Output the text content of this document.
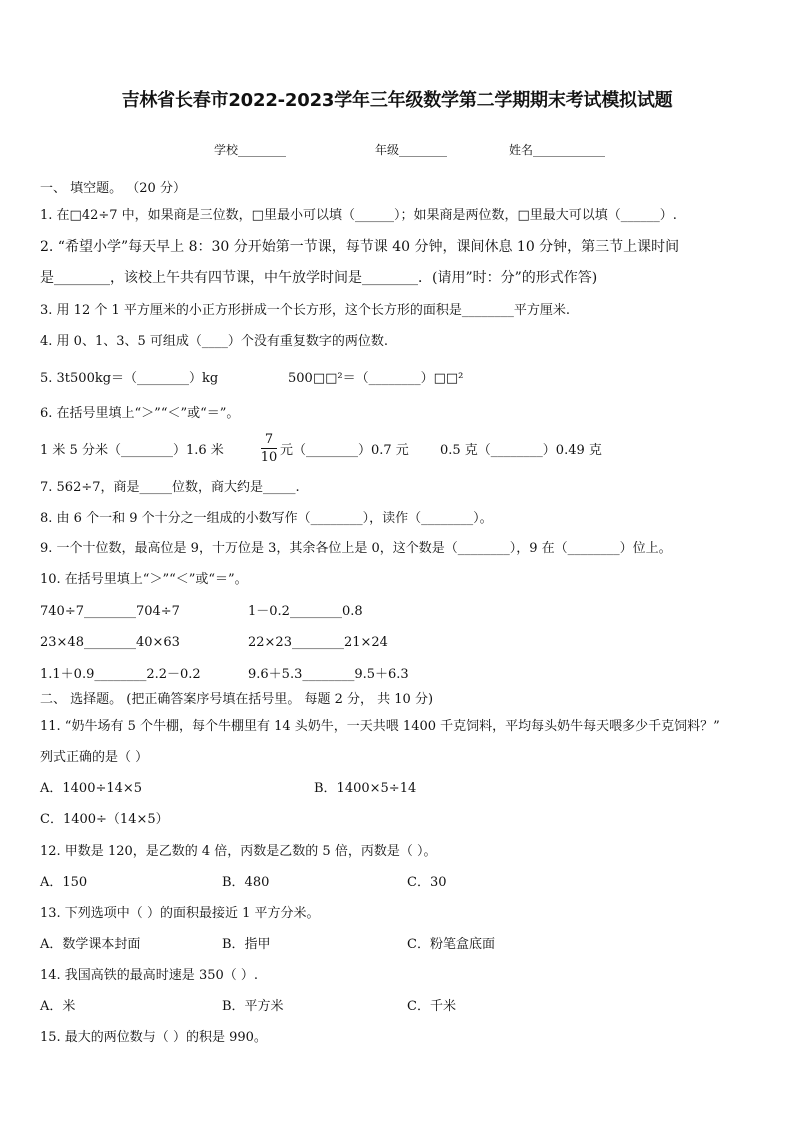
吉林省长春市2022-2023学年三年级数学第二学期期末考试模拟试题
学校________	年级________	姓名____________
一、 填空题。 （20 分）
1. 在□42÷7 中，如果商是三位数，□里最小可以填（______）；如果商是两位数，□里最大可以填（______）.
2. “希望小学”每天早上 8：30 分开始第一节课，每节课 40 分钟，课间休息 10 分钟，第三节上课时间
是________，该校上午共有四节课，中午放学时间是________．(请用”时：分”的形式作答)
3. 用 12 个 1 平方厘米的小正方形拼成一个长方形，这个长方形的面积是________平方厘米.
4. 用 0、1、3、5 可组成（____）个没有重复数字的两位数.
5. 3t500kg＝（________）kg	500□□²＝（________）□□²
6. 在括号里填上“＞”“＜”或“＝”。
1 米 5 分米（________）1.6 米
7
10 元（________）0.7 元 0.5 克（________）0.49 克
7. 562÷7，商是_____位数，商大约是_____.
8. 由 6 个一和 9 个十分之一组成的小数写作（________），读作（________）。
9. 一个十位数，最高位是 9，十万位是 3，其余各位上是 0，这个数是（________），9 在（________）位上。
10. 在括号里填上“＞”“＜”或“＝”。
740÷7________704÷7	1－0.2________0.8
23×48________40×63	22×23________21×24
1.1＋0.9________2.2－0.2	9.6＋5.3________9.5＋6.3
二、 选择题。 (把正确答案序号填在括号里。 每题 2 分， 共 10 分)
11. “奶牛场有 5 个牛棚，每个牛棚里有 14 头奶牛，一天共喂 1400 千克饲料，平均每头奶牛每天喂多少千克饲料？”
列式正确的是（ ）
A．1400÷14×5	B．1400×5÷14
C．1400÷（14×5）
12. 甲数是 120，是乙数的 4 倍，丙数是乙数的 5 倍，丙数是（ ）。
A．150	B．480	C．30
13. 下列选项中（ ）的面积最接近 1 平方分米。
A．数学课本封面	B．指甲	C．粉笔盒底面
14. 我国高铁的最高时速是 350（ ）.
A．米	B．平方米	C．千米
15. 最大的两位数与（ ）的积是 990。
